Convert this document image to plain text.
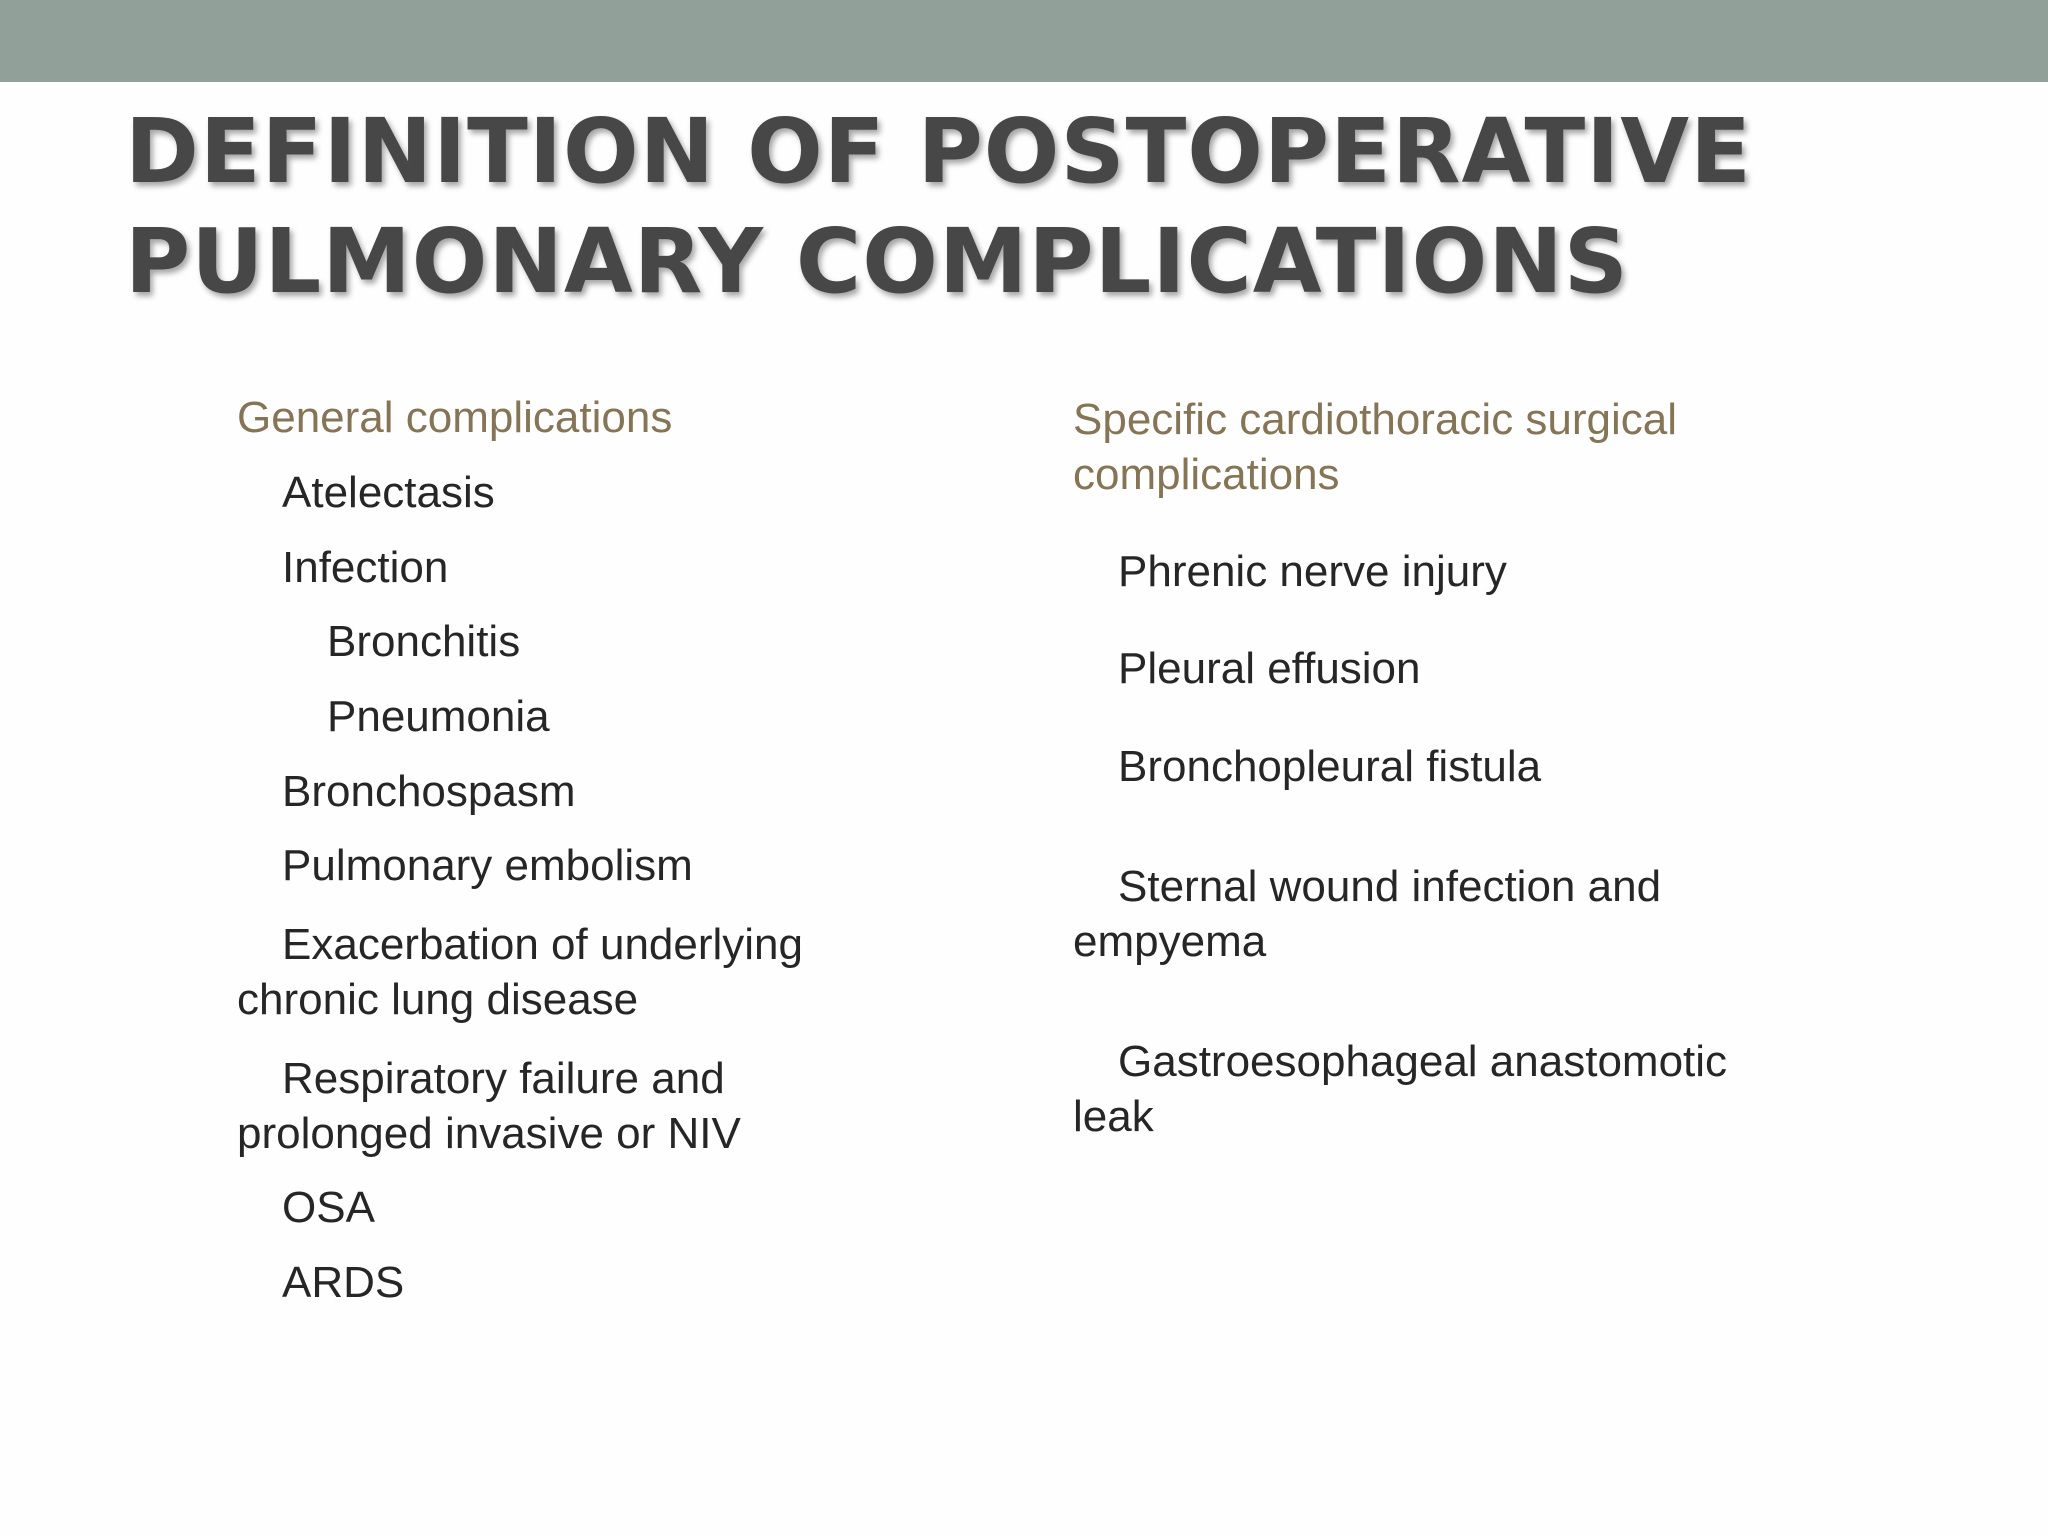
DEFINITION OF POSTOPERATIVE
PULMONARY COMPLICATIONS

General complications

Atelectasis

Infection

Bronchitis

Pneumonia

Bronchospasm

Pulmonary embolism

Exacerbation of underlying chronic lung disease

Respiratory failure and prolonged invasive or NIV

OSA

ARDS

Specific cardiothoracic surgical complications

Phrenic nerve injury

Pleural effusion

Bronchopleural fistula

Sternal wound infection and empyema

Gastroesophageal anastomotic leak
